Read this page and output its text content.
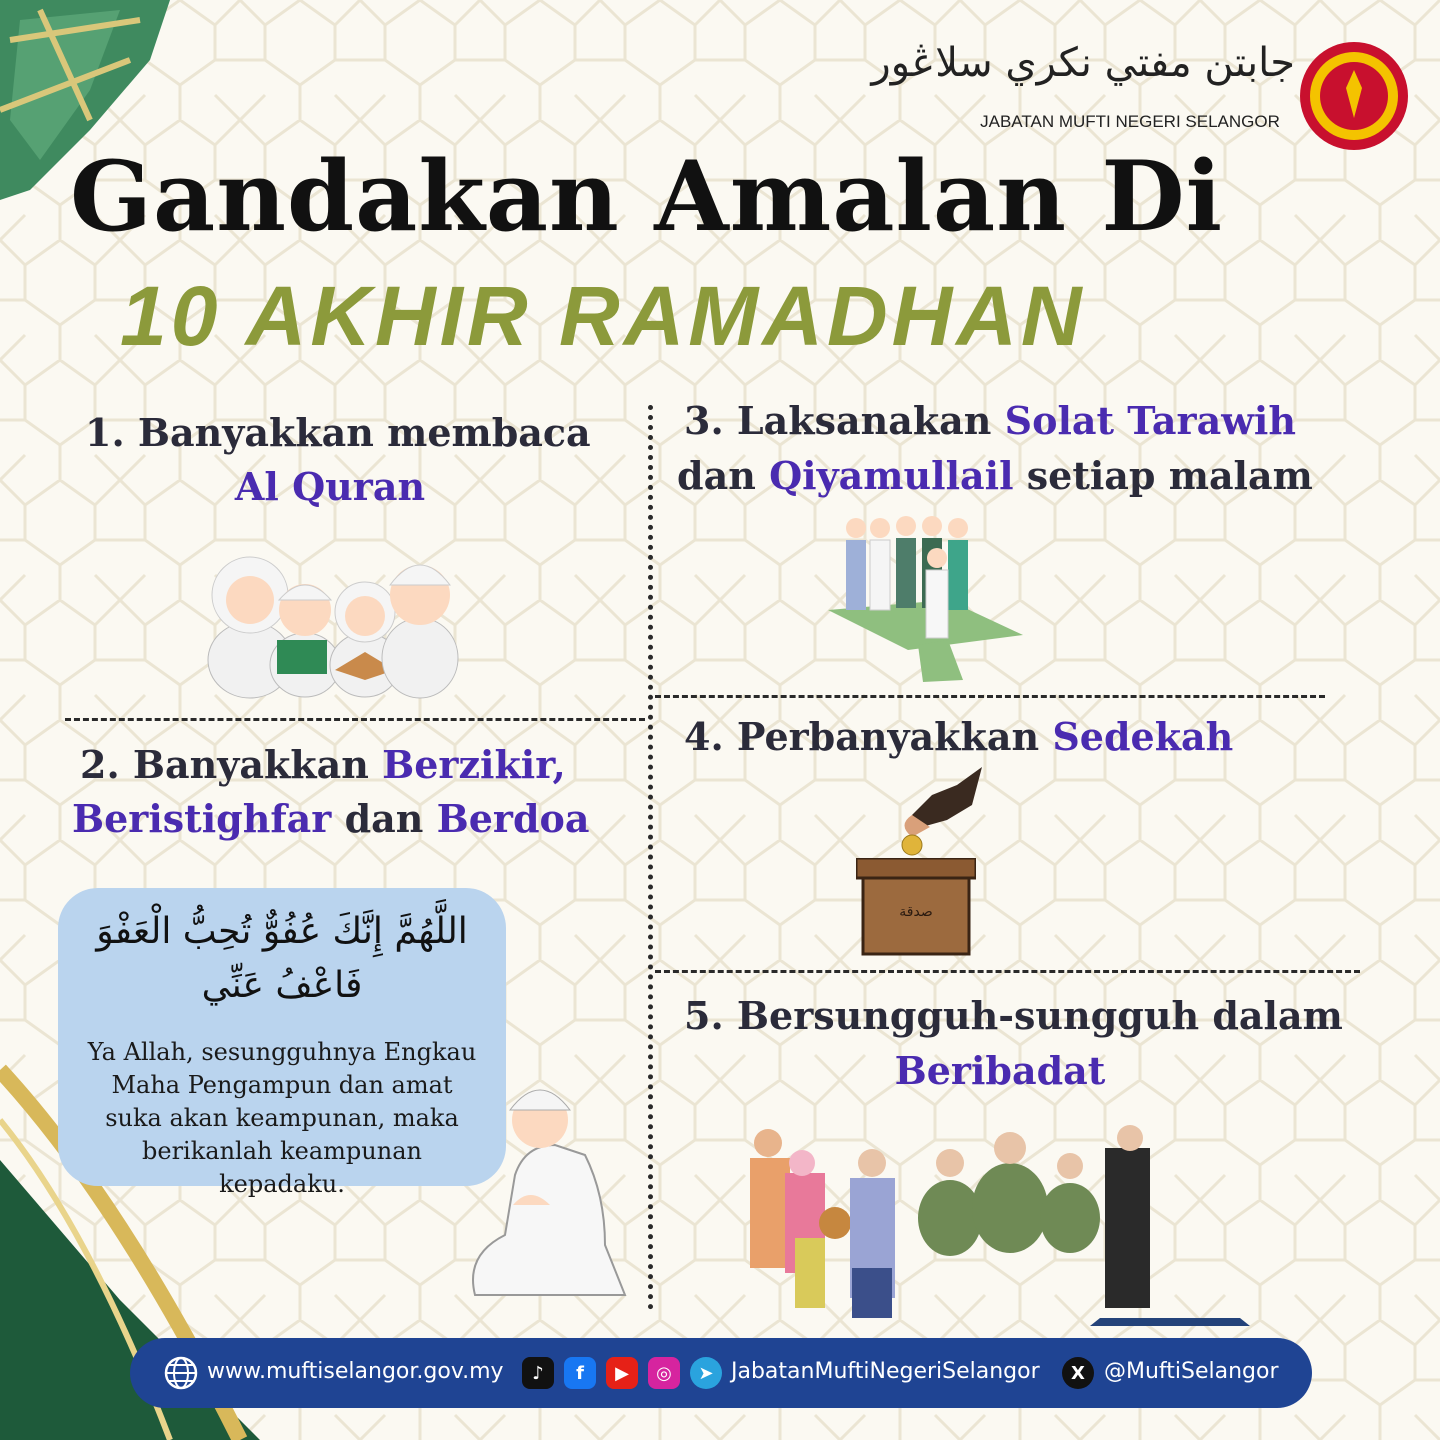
جابتن مفتي نکري سلاڠور
JABATAN MUFTI NEGERI SELANGOR
Gandakan Amalan Di
10 AKHIR RAMADHAN
1. Banyakkan membaca
Al Quran
2. Banyakkan Berzikir,
Beristighfar dan Berdoa
اللَّهُمَّ إِنَّكَ عُفُوٌّ تُحِبُّ الْعَفْوَ
فَاعْفُ عَنِّي
Ya Allah, sesungguhnya Engkau Maha Pengampun dan amat suka akan keampunan, maka berikanlah keampunan kepadaku.
3. Laksanakan Solat Tarawih
dan Qiyamullail setiap malam
4. Perbanyakkan Sedekah
صدقة
5. Bersungguh-sungguh dalam
Beribadat
www.muftiselangor.gov.my	♪	f	▶	◎	➤ JabatanMuftiNegeriSelangor	X @MuftiSelangor
